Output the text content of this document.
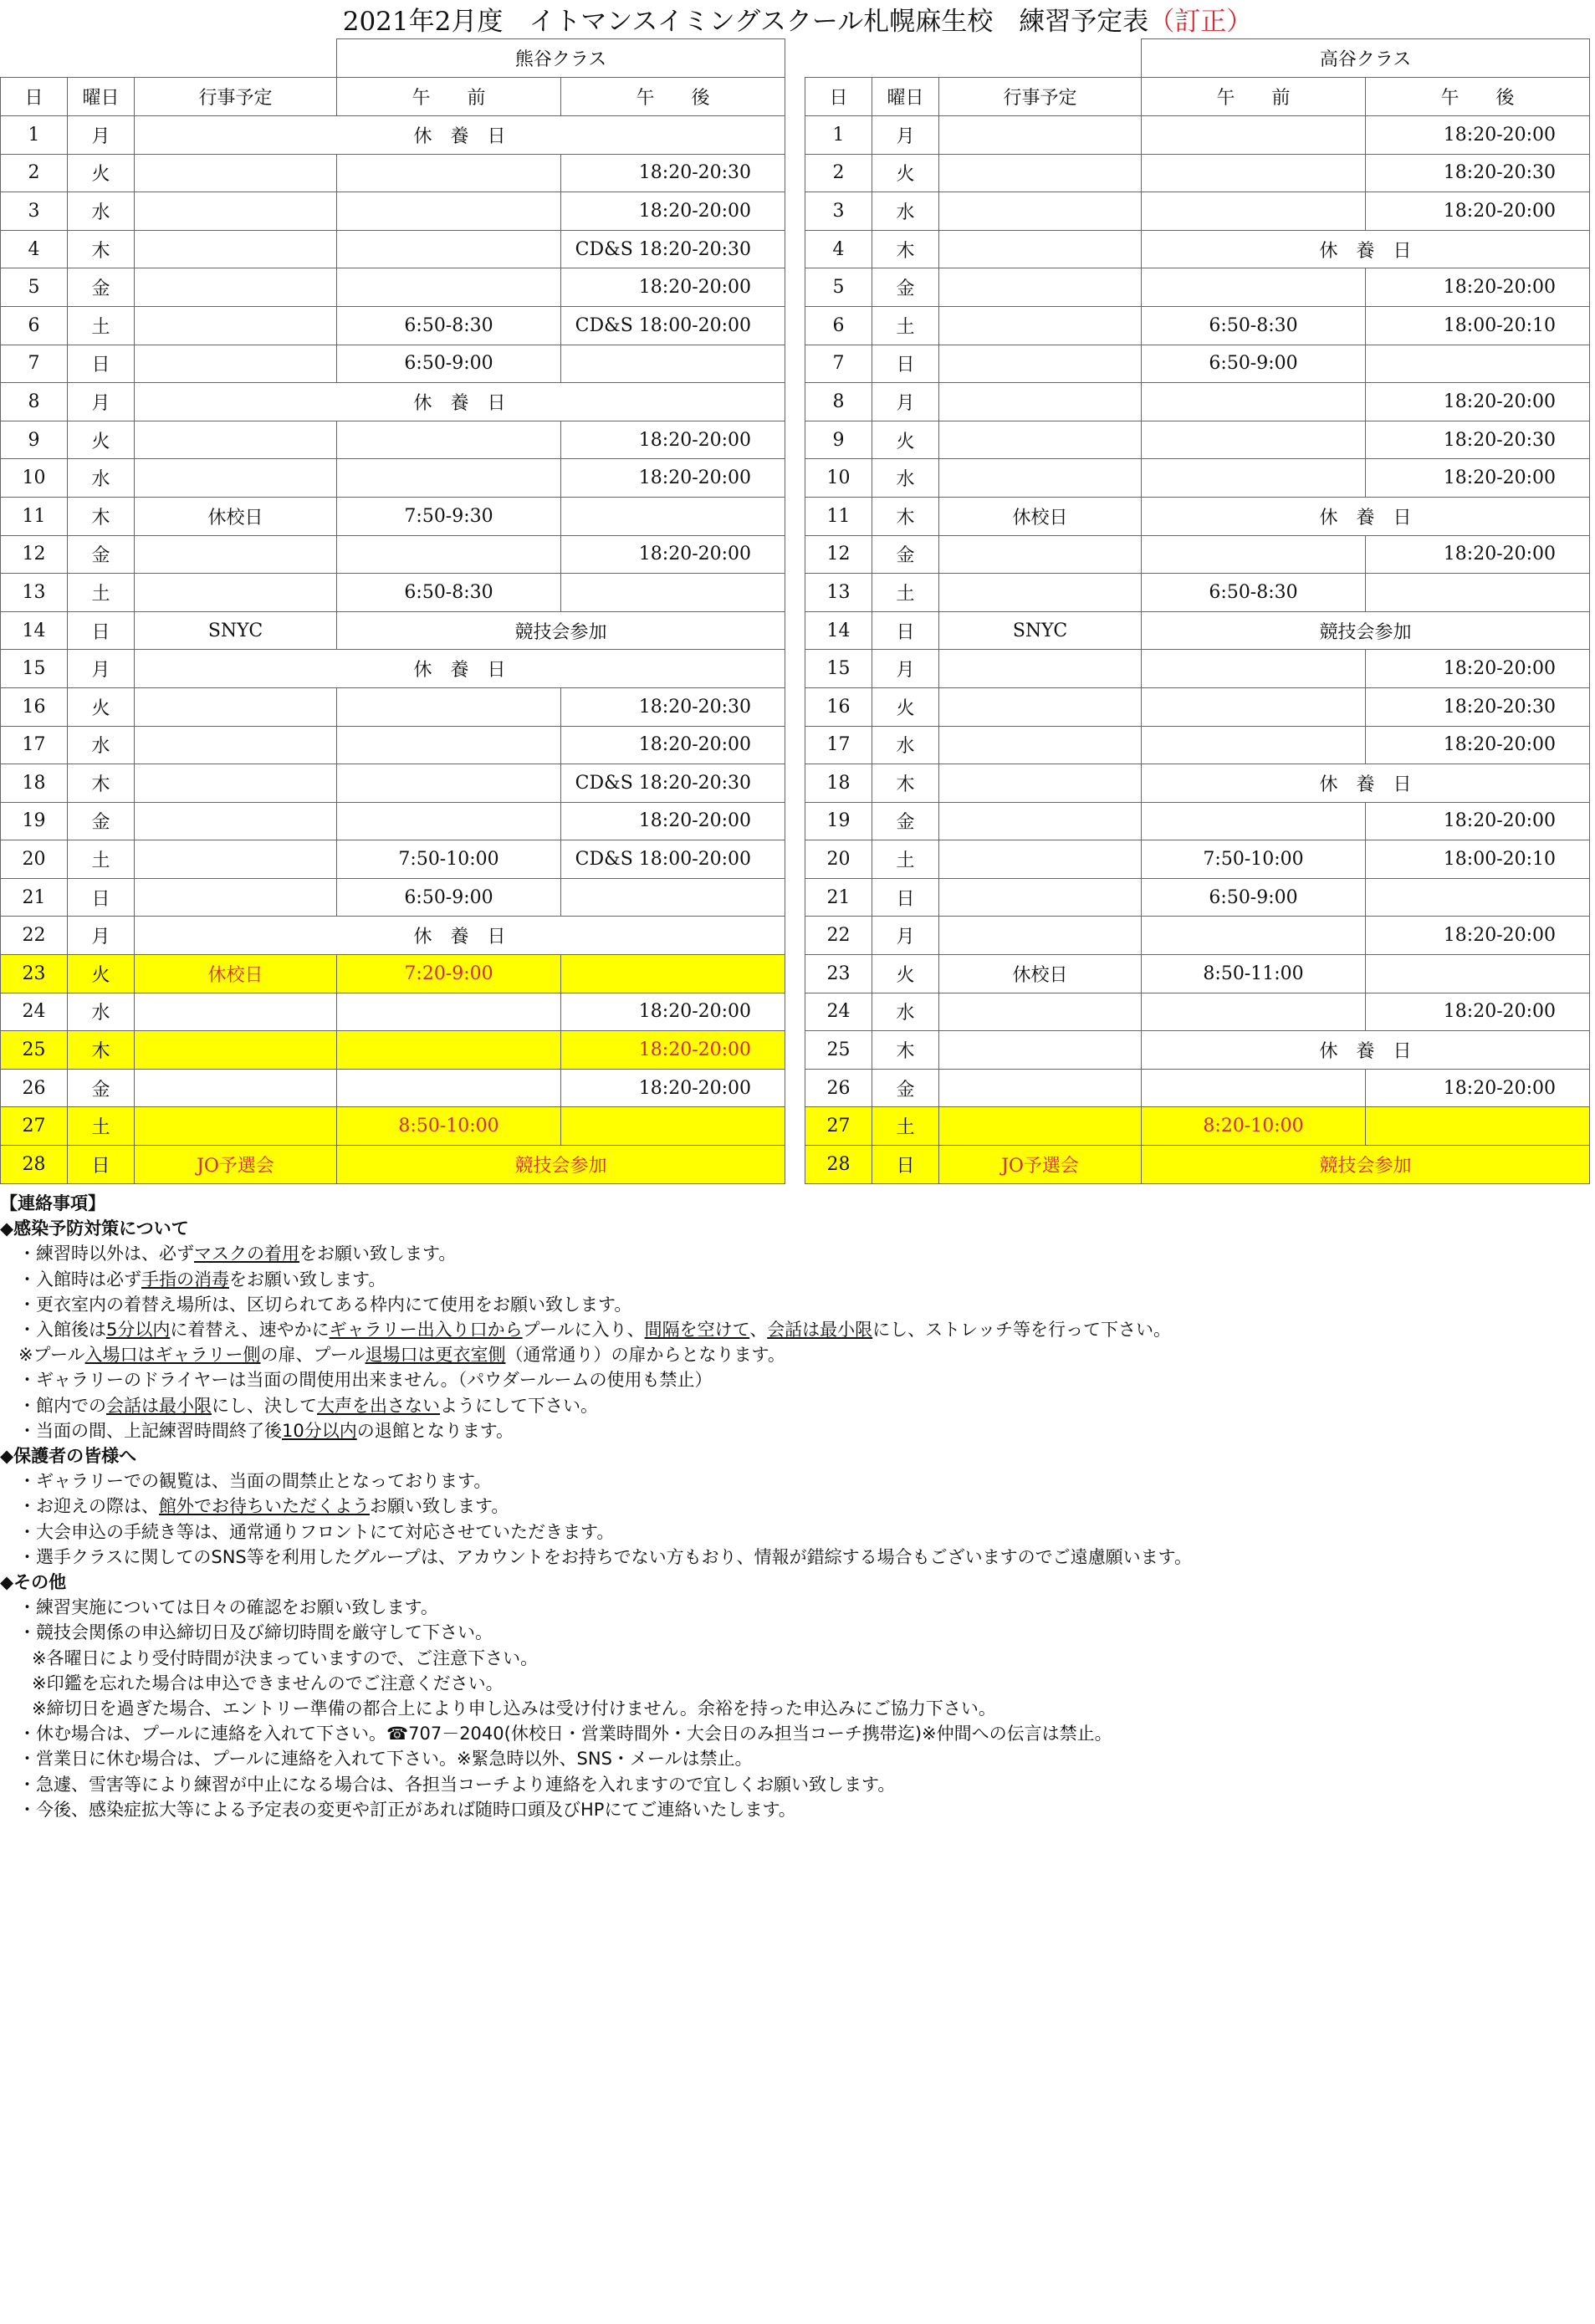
2021年2月度　イトマンスイミングスクール札幌麻生校　練習予定表（訂正）
			熊谷クラス	
日	曜日	行事予定	午　　前	午　　後
1	月	休　養　日		
2	火			18:20-20:30
3	水			18:20-20:00
4	木			CD&S 18:20-20:30
5	金			18:20-20:00
6	土		6:50-8:30	CD&S 18:00-20:00
7	日		6:50-9:00	
8	月	休　養　日		
9	火			18:20-20:00
10	水			18:20-20:00
11	木	休校日	7:50-9:30	
12	金			18:20-20:00
13	土		6:50-8:30	
14	日	SNYC	競技会参加	
15	月	休　養　日		
16	火			18:20-20:30
17	水			18:20-20:00
18	木			CD&S 18:20-20:30
19	金			18:20-20:00
20	土		7:50-10:00	CD&S 18:00-20:00
21	日		6:50-9:00	
22	月	休　養　日		
23	火	休校日	7:20-9:00	
24	水			18:20-20:00
25	木			18:20-20:00
26	金			18:20-20:00
27	土		8:50-10:00	
28	日	JO予選会	競技会参加	
			高谷クラス	
日	曜日	行事予定	午　　前	午　　後
1	月			18:20-20:00
2	火			18:20-20:30
3	水			18:20-20:00
4	木		休　養　日	
5	金			18:20-20:00
6	土		6:50-8:30	18:00-20:10
7	日		6:50-9:00	
8	月			18:20-20:00
9	火			18:20-20:30
10	水			18:20-20:00
11	木	休校日	休　養　日	
12	金			18:20-20:00
13	土		6:50-8:30	
14	日	SNYC	競技会参加	
15	月			18:20-20:00
16	火			18:20-20:30
17	水			18:20-20:00
18	木		休　養　日	
19	金			18:20-20:00
20	土		7:50-10:00	18:00-20:10
21	日		6:50-9:00	
22	月			18:20-20:00
23	火	休校日	8:50-11:00	
24	水			18:20-20:00
25	木		休　養　日	
26	金			18:20-20:00
27	土		8:20-10:00	
28	日	JO予選会	競技会参加	
【連絡事項】
◆感染予防対策について
・練習時以外は、必ずマスクの着用をお願い致します。
・入館時は必ず手指の消毒をお願い致します。
・更衣室内の着替え場所は、区切られてある枠内にて使用をお願い致します。
・入館後は5分以内に着替え、速やかにギャラリー出入り口からプールに入り、間隔を空けて、会話は最小限にし、ストレッチ等を行って下さい。
※プール入場口はギャラリー側の扉、プール退場口は更衣室側（通常通り）の扉からとなります。
・ギャラリーのドライヤーは当面の間使用出来ません。（パウダールームの使用も禁止）
・館内での会話は最小限にし、決して大声を出さないようにして下さい。
・当面の間、上記練習時間終了後10分以内の退館となります。
◆保護者の皆様へ
・ギャラリーでの観覧は、当面の間禁止となっております。
・お迎えの際は、館外でお待ちいただくようお願い致します。
・大会申込の手続き等は、通常通りフロントにて対応させていただきます。
・選手クラスに関してのSNS等を利用したグループは、アカウントをお持ちでない方もおり、情報が錯綜する場合もございますのでご遠慮願います。
◆その他
・練習実施については日々の確認をお願い致します。
・競技会関係の申込締切日及び締切時間を厳守して下さい。
※各曜日により受付時間が決まっていますので、ご注意下さい。
※印鑑を忘れた場合は申込できませんのでご注意ください。
※締切日を過ぎた場合、エントリー準備の都合上により申し込みは受け付けません。余裕を持った申込みにご協力下さい。
・休む場合は、プールに連絡を入れて下さい。☎707－2040(休校日・営業時間外・大会日のみ担当コーチ携帯迄)※仲間への伝言は禁止。
・営業日に休む場合は、プールに連絡を入れて下さい。※緊急時以外、SNS・メールは禁止。
・急遽、雪害等により練習が中止になる場合は、各担当コーチより連絡を入れますので宜しくお願い致します。
・今後、感染症拡大等による予定表の変更や訂正があれば随時口頭及びHPにてご連絡いたします。
